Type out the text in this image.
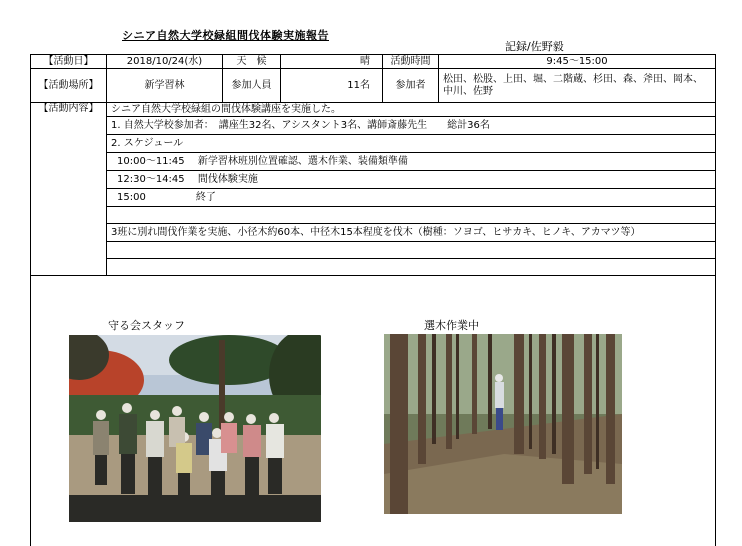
シニア自然大学校緑組間伐体験実施報告
記録/佐野毅
【活動日】	2018/10/24(水)	天　候	晴	活動時間	9:45～15:00
【活動場所】	新学習林	参加人員	11名	参加者	松田、松股、上田、堀、二階蔵、杉田、森、斧田、岡本、中川、佐野
【活動内容】	シニア自然大学校緑組の間伐体験講座を実施した。				
	1. 自然大学校参加者：　講座生32名、アシスタント3名、講師斎藤先生　　総計36名				
	2. スケジュール				
	10:00～11:45　 新学習林班別位置確認、選木作業、装備類準備				
	12:30～14:45　 間伐体験実施				
	15:00　　　　　終了				

	3班に別れ間伐作業を実施、小径木約60本、中径木15本程度を伐木（樹種：ソヨゴ、ヒサカキ、ヒノキ、アカマツ等）				

守る会スタッフ	選木作業中
